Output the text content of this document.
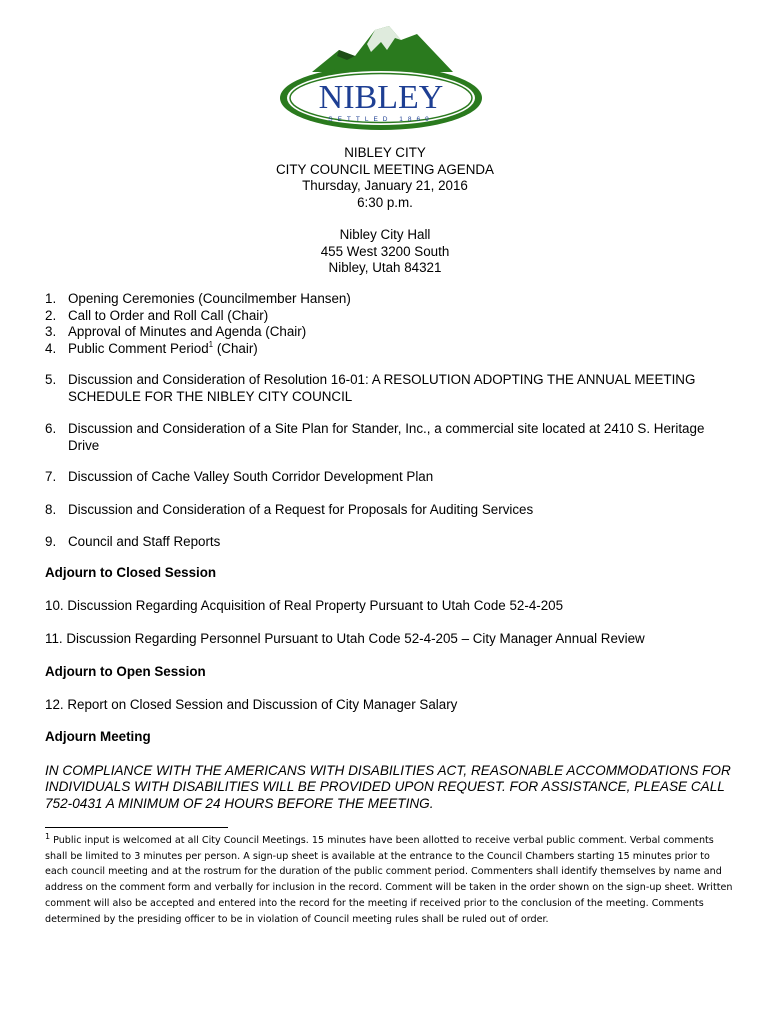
NIBLEY
SETTLED 1869
NIBLEY CITY
CITY COUNCIL MEETING AGENDA
Thursday, January 21, 2016
6:30 p.m.
Nibley City Hall
455 West 3200 South
Nibley, Utah 84321
1. Opening Ceremonies (Councilmember Hansen)
2. Call to Order and Roll Call (Chair)
3. Approval of Minutes and Agenda (Chair)
4. Public Comment Period$^1$ (Chair)
5. Discussion and Consideration of Resolution 16-01: A RESOLUTION ADOPTING THE ANNUAL MEETING SCHEDULE FOR THE NIBLEY CITY COUNCIL
6. Discussion and Consideration of a Site Plan for Stander, Inc., a commercial site located at 2410 S. Heritage Drive
7. Discussion of Cache Valley South Corridor Development Plan
8. Discussion and Consideration of a Request for Proposals for Auditing Services
9. Council and Staff Reports
Adjourn to Closed Session
10. Discussion Regarding Acquisition of Real Property Pursuant to Utah Code 52-4-205
11. Discussion Regarding Personnel Pursuant to Utah Code 52-4-205 – City Manager Annual Review
Adjourn to Open Session
12. Report on Closed Session and Discussion of City Manager Salary
Adjourn Meeting
IN COMPLIANCE WITH THE AMERICANS WITH DISABILITIES ACT, REASONABLE ACCOMMODATIONS FOR INDIVIDUALS WITH DISABILITIES WILL BE PROVIDED UPON REQUEST. FOR ASSISTANCE, PLEASE CALL 752-0431 A MINIMUM OF 24 HOURS BEFORE THE MEETING.
$^1$ Public input is welcomed at all City Council Meetings. 15 minutes have been allotted to receive verbal public comment. Verbal comments shall be limited to 3 minutes per person. A sign-up sheet is available at the entrance to the Council Chambers starting 15 minutes prior to each council meeting and at the rostrum for the duration of the public comment period. Commenters shall identify themselves by name and address on the comment form and verbally for inclusion in the record. Comment will be taken in the order shown on the sign-up sheet. Written comment will also be accepted and entered into the record for the meeting if received prior to the conclusion of the meeting. Comments determined by the presiding officer to be in violation of Council meeting rules shall be ruled out of order.
